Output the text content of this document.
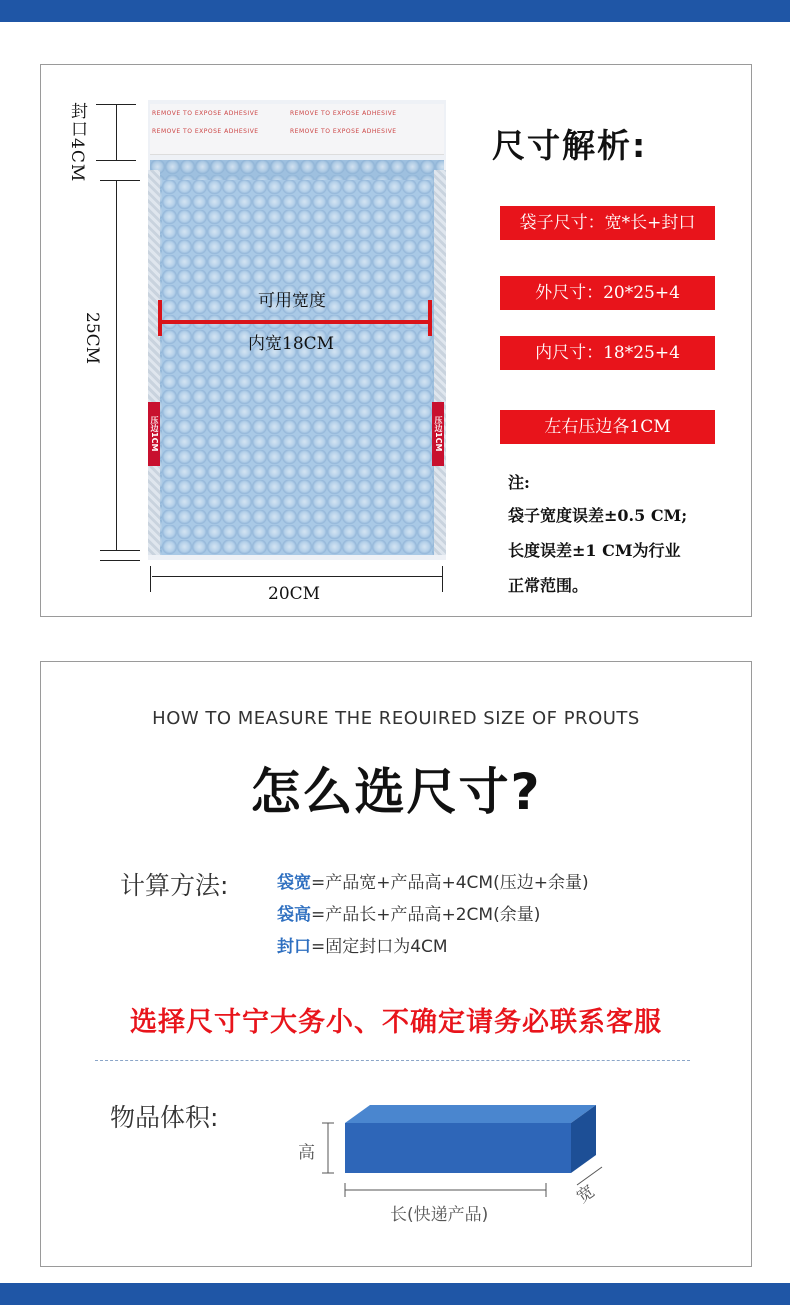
封口4CM
25CM
REMOVE TO EXPOSE ADHESIVE	REMOVE TO EXPOSE ADHESIVE
REMOVE TO EXPOSE ADHESIVE	REMOVE TO EXPOSE ADHESIVE
压边1CM	压边1CM
可用宽度
内宽18CM
20CM
尺寸解析:
袋子尺寸：宽*长+封口
外尺寸：20*25+4
内尺寸：18*25+4
左右压边各1CM
注:
袋子宽度误差±0.5 CM;
长度误差±1 CM为行业
正常范围。
HOW TO MEASURE THE REOUIRED SIZE OF PROUTS
怎么选尺寸?
计算方法:	袋宽=产品宽+产品高+4CM(压边+余量)
袋高=产品长+产品高+2CM(余量)
封口=固定封口为4CM
选择尺寸宁大务小、不确定请务必联系客服
物品体积:
高
宽
长(快递产品)
